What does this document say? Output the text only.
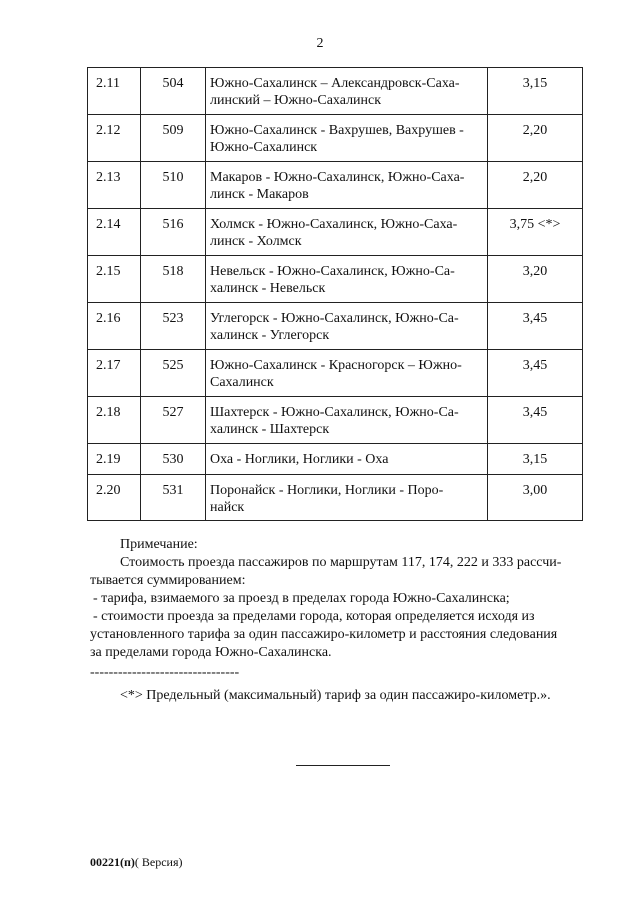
2
2.11	504	Южно-Сахалинск – Александровск-Саха-
линский – Южно-Сахалинск	3,15
2.12	509	Южно-Сахалинск - Вахрушев, Вахрушев -
Южно-Сахалинск	2,20
2.13	510	Макаров - Южно-Сахалинск, Южно-Саха-
линск - Макаров	2,20
2.14	516	Холмск - Южно-Сахалинск, Южно-Саха-
линск - Холмск	3,75 <*>
2.15	518	Невельск - Южно-Сахалинск, Южно-Са-
халинск - Невельск	3,20
2.16	523	Углегорск - Южно-Сахалинск, Южно-Са-
халинск - Углегорск	3,45
2.17	525	Южно-Сахалинск - Красногорск – Южно-
Сахалинск	3,45
2.18	527	Шахтерск - Южно-Сахалинск, Южно-Са-
халинск - Шахтерск	3,45
2.19	530	Оха - Ноглики, Ноглики - Оха	3,15
2.20	531	Поронайск - Ноглики, Ноглики - Поро-
найск	3,00

Примечание:

Стоимость проезда пассажиров по маршрутам 117, 174, 222 и 333 рассчи-

тывается суммированием:

- тарифа, взимаемого за проезд в пределах города Южно-Сахалинска;

- стоимости проезда за пределами города, которая определяется исходя из

установленного тарифа за один пассажиро-километр и расстояния следования

за пределами города Южно-Сахалинска.

--------------------------------

<*> Предельный (максимальный) тариф за один пассажиро-километр.».
00221(п)( Версия)
